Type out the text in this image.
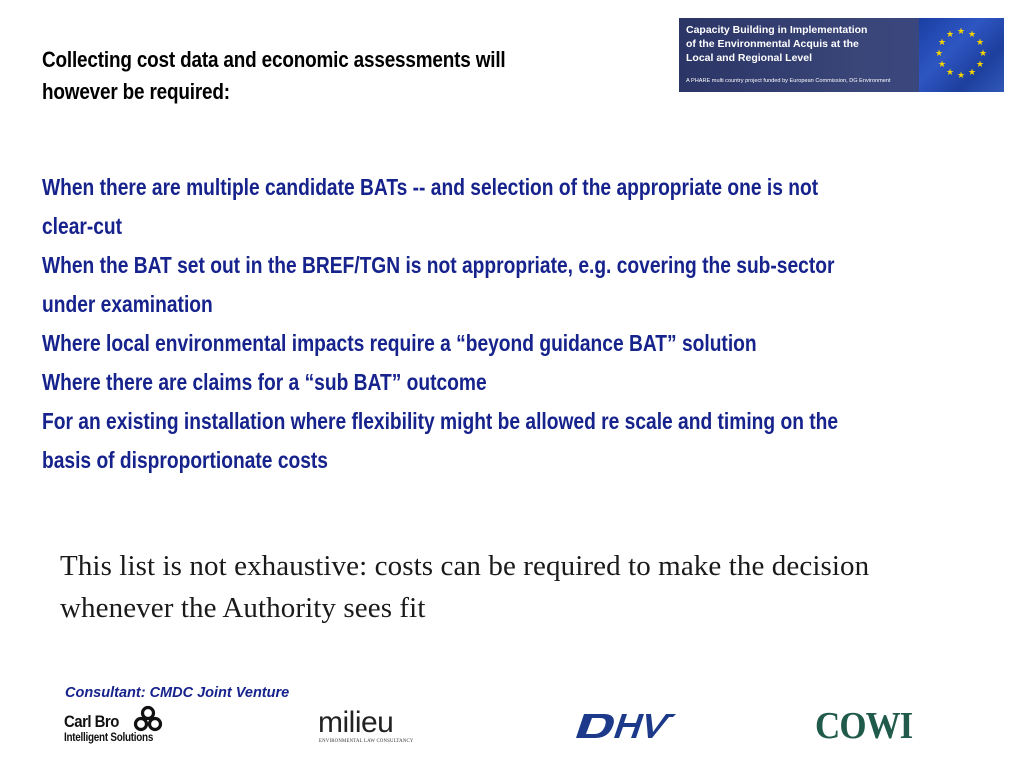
Collecting cost data and economic assessments will however be required:
Capacity Building in Implementation
of the Environmental Acquis at the
Local and Regional Level
A PHARE multi country project funded by European Commission, DG Environment
★ ★
★
★
★
★
★
★
★
★
★
★
When there are multiple candidate BATs -- and selection of the appropriate one is not
clear-cut
When the BAT set out in the BREF/TGN is not appropriate, e.g. covering the sub-sector
under examination
Where local environmental impacts require a “beyond guidance BAT” solution
Where there are claims for a “sub BAT” outcome
For an existing installation where flexibility might be allowed re scale and timing on the
basis of disproportionate costs

This list is not exhaustive: costs can be required to make the decision whenever the Authority sees fit

Consultant: CMDC Joint Venture
Carl Bro
Intelligent Solutions	milieu
ENVIRONMENTAL LAW CONSULTANCY	COWI
